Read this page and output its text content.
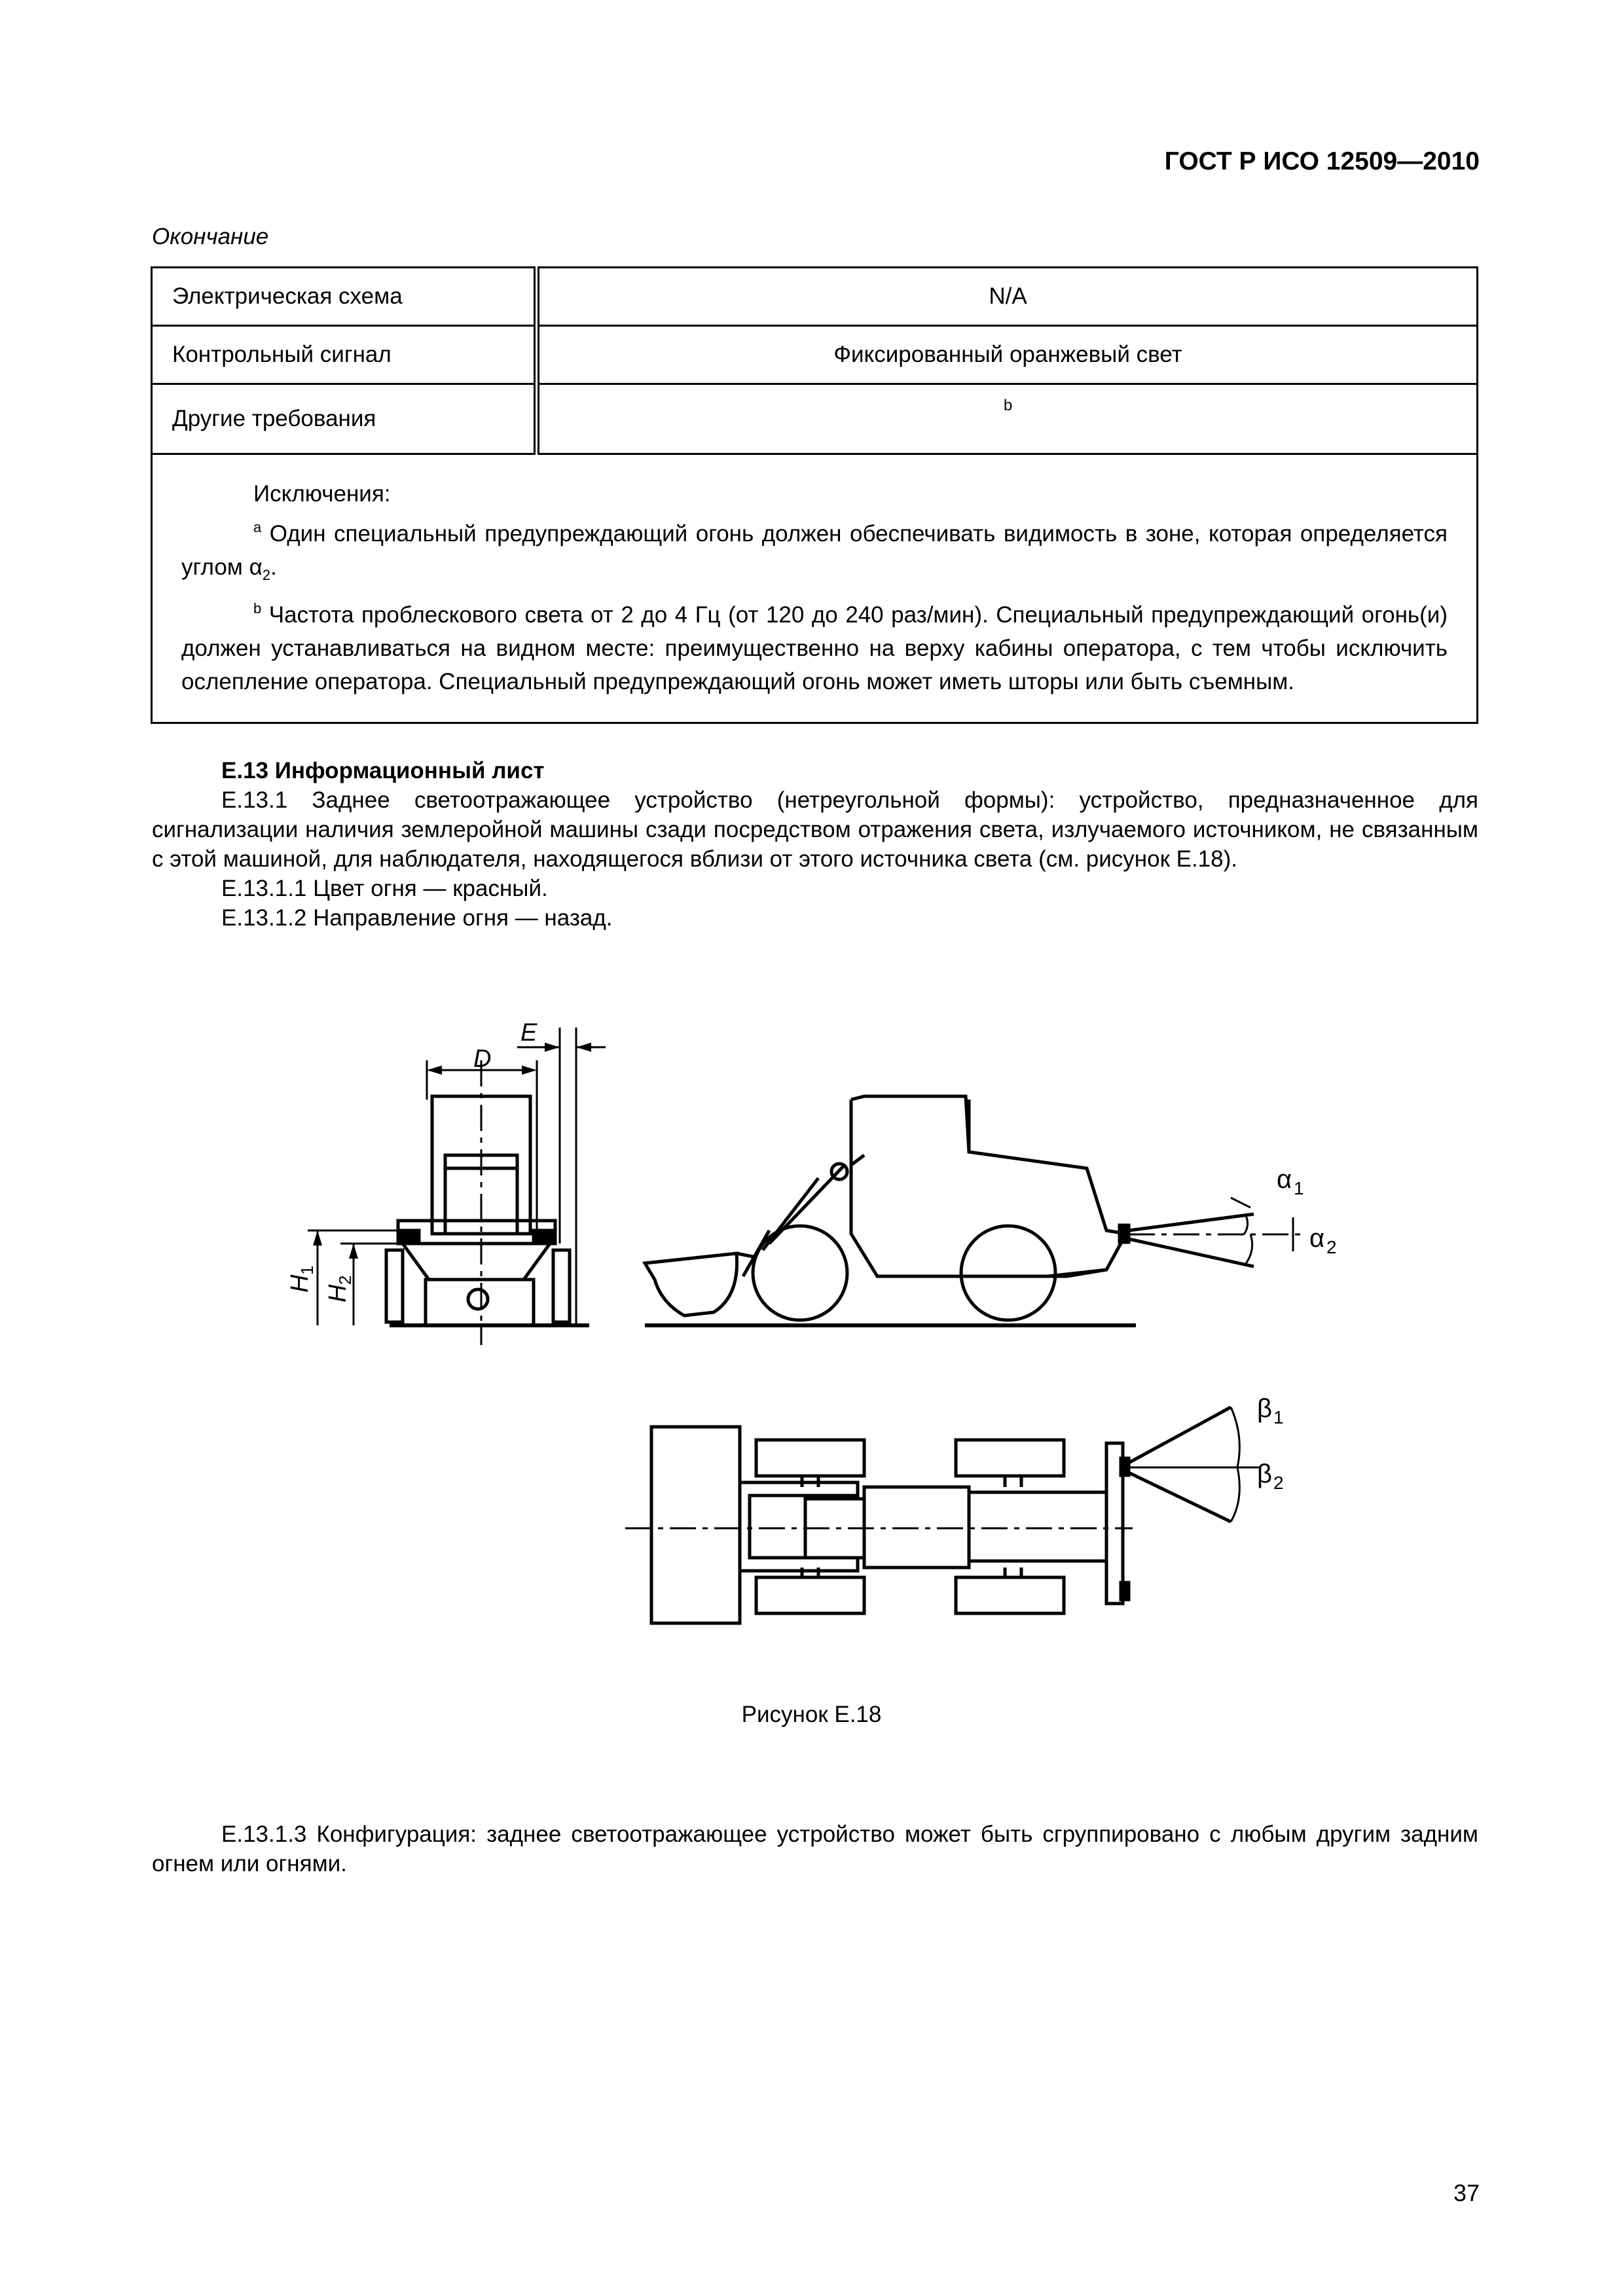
ГОСТ Р ИСО 12509—2010
Окончание
Электрическая схема	N/A
Контрольный сигнал	Фиксированный оранжевый свет
Другие требования	b

Исключения:

$^a$ Один специальный предупреждающий огонь должен обеспечивать видимость в зоне, которая определяется углом $\alpha_2$.

$^b$ Частота проблескового света от 2 до 4 Гц (от 120 до 240 раз/мин). Специальный предупреждающий огонь(и) должен устанавливаться на видном месте: преимущественно на верху кабины оператора, с тем чтобы исключить ослепление оператора. Специальный предупреждающий огонь может иметь шторы или быть съемным.	

Е.13 Информационный лист

Е.13.1 Заднее светоотражающее устройство (нетреугольной формы): устройство, предназначенное для сигнализации наличия землеройной машины сзади посредством отражения света, излучаемого источником, не связанным с этой машиной, для наблюдателя, находящегося вблизи от этого источника света (см. рисунок Е.18).

Е.13.1.1 Цвет огня — красный.

Е.13.1.2 Направление огня — назад.

D
E
H
1
H
2
α 1
α 2
β 1
β 2
Рисунок Е.18

Е.13.1.3 Конфигурация: заднее светоотражающее устройство может быть сгруппировано с любым другим задним огнем или огнями.

37
